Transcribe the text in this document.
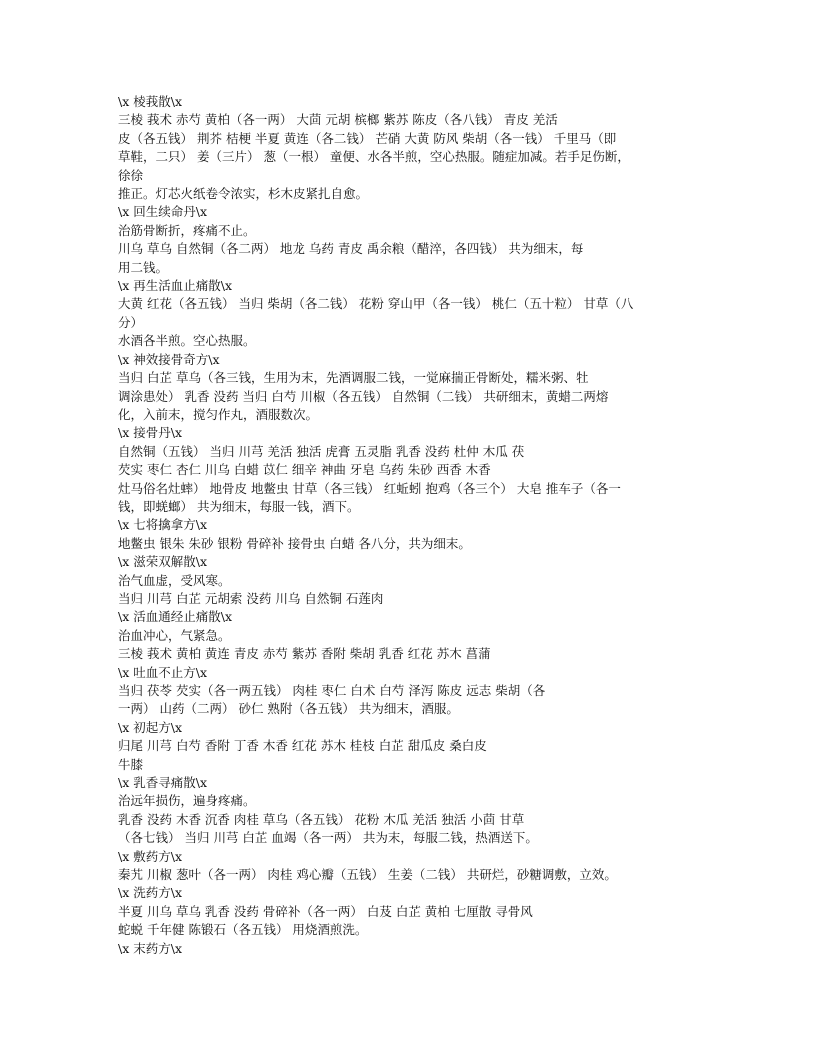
\x 棱莪散\x
三棱 莪术 赤芍 黄柏（各一两） 大茴 元胡 槟榔 紫苏 陈皮（各八钱） 青皮 羌活
皮（各五钱） 荆芥 桔梗 半夏 黄连（各二钱） 芒硝 大黄 防风 柴胡（各一钱） 千里马（即
草鞋，二只） 姜（三片） 葱（一根） 童便、水各半煎，空心热服。随症加减。若手足伤断，
徐徐
推正。灯芯火纸卷令浓实，杉木皮紧扎自愈。
\x 回生续命丹\x
治筋骨断折，疼痛不止。
川乌 草乌 自然铜（各二两） 地龙 乌药 青皮 禹余粮（醋淬，各四钱） 共为细末，每
用二钱。
\x 再生活血止痛散\x
大黄 红花（各五钱） 当归 柴胡（各二钱） 花粉 穿山甲（各一钱） 桃仁（五十粒） 甘草（八
分）
水酒各半煎。空心热服。
\x 神效接骨奇方\x
当归 白芷 草乌（各三钱，生用为末，先酒调服二钱，一觉麻揣正骨断处，糯米粥、牡
调涂患处） 乳香 没药 当归 白芍 川椒（各五钱） 自然铜（二钱） 共研细末，黄蜡二两熔
化，入前末，搅匀作丸，酒服数次。
\x 接骨丹\x
自然铜（五钱） 当归 川芎 羌活 独活 虎膏 五灵脂 乳香 没药 杜仲 木瓜 茯
芡实 枣仁 杏仁 川乌 白蜡 苡仁 细辛 神曲 牙皂 乌药 朱砂 西香 木香
灶马俗名灶蟀） 地骨皮 地鳖虫 甘草（各三钱） 红蚯蚓 抱鸡（各三个） 大皂 推车子（各一
钱，即蜣螂） 共为细末，每服一钱，酒下。
\x 七将擒拿方\x
地鳖虫 银朱 朱砂 银粉 骨碎补 接骨虫 白蜡 各八分，共为细末。
\x 滋荣双解散\x
治气血虚，受风寒。
当归 川芎 白芷 元胡索 没药 川乌 自然铜 石莲肉
\x 活血通经止痛散\x
治血冲心，气紧急。
三棱 莪术 黄柏 黄连 青皮 赤芍 紫苏 香附 柴胡 乳香 红花 苏木 菖蒲
\x 吐血不止方\x
当归 茯苓 芡实（各一两五钱） 肉桂 枣仁 白术 白芍 泽泻 陈皮 远志 柴胡（各
一两） 山药（二两） 砂仁 熟附（各五钱） 共为细末，酒服。
\x 初起方\x
归尾 川芎 白芍 香附 丁香 木香 红花 苏木 桂枝 白芷 甜瓜皮 桑白皮
牛膝
\x 乳香寻痛散\x
治远年损伤，遍身疼痛。
乳香 没药 木香 沉香 肉桂 草乌（各五钱） 花粉 木瓜 羌活 独活 小茴 甘草
（各七钱） 当归 川芎 白芷 血竭（各一两） 共为末，每服二钱，热酒送下。
\x 敷药方\x
秦艽 川椒 葱叶（各一两） 肉桂 鸡心瓣（五钱） 生姜（二钱） 共研烂，砂糖调敷，立效。
\x 洗药方\x
半夏 川乌 草乌 乳香 没药 骨碎补（各一两） 白芨 白芷 黄柏 七厘散 寻骨风
蛇蜕 千年健 陈锻石（各五钱） 用烧酒煎洗。
\x 末药方\x
